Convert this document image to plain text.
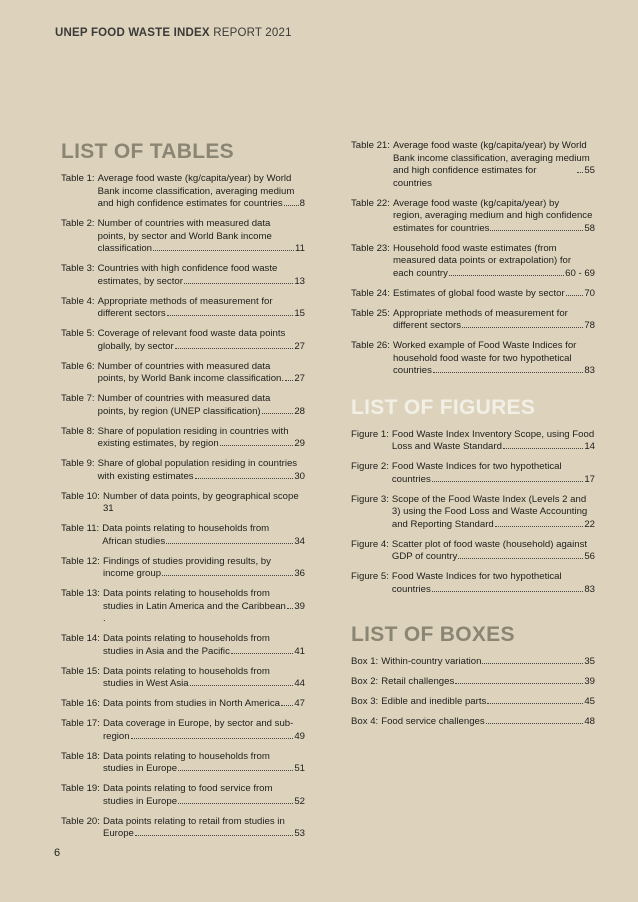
UNEP FOOD WASTE INDEX REPORT 2021
LIST OF TABLES
Table 1: Average food waste (kg/capita/year) by World
Bank income classification, averaging medium
and high confidence estimates for countries 8
Table 2: Number of countries with measured data
points, by sector and World Bank income
classification	11
Table 3: Countries with high confidence food waste
estimates, by sector	13
Table 4: Appropriate methods of measurement for
different sectors	15
Table 5: Coverage of relevant food waste data points
globally, by sector	27
Table 6: Number of countries with measured data
points, by World Bank income classification. 27
Table 7: Number of countries with measured data
points, by region (UNEP classification)	28
Table 8: Share of population residing in countries with
existing estimates, by region	29
Table 9: Share of global population residing in countries
with existing estimates	30
Table 10: Number of data points, by geographical scope
31
Table 11: Data points relating to households from
African studies	34
Table 12: Findings of studies providing results, by
income group	36
Table 13: Data points relating to households from
studies in Latin America and the Caribbean .
39
Table 14: Data points relating to households from
studies in Asia and the Pacific	41
Table 15: Data points relating to households from
studies in West Asia	44
Table 16: Data points from studies in North America 47
Table 17: Data coverage in Europe, by sector and sub-
region	49
Table 18: Data points relating to households from
studies in Europe	51
Table 19: Data points relating to food service from
studies in Europe	52
Table 20: Data points relating to retail from studies in
Europe	53
Table 21: Average food waste (kg/capita/year) by World
Bank income classification, averaging medium
and high confidence estimates for countries
55
Table 22: Average food waste (kg/capita/year) by
region, averaging medium and high confidence
estimates for countries	58
Table 23: Household food waste estimates (from
measured data points or extrapolation) for
each country	60 - 69
Table 24: Estimates of global food waste by sector 70
Table 25: Appropriate methods of measurement for
different sectors	78
Table 26: Worked example of Food Waste Indices for
household food waste for two hypothetical
countries	83
LIST OF FIGURES
Figure 1: Food Waste Index Inventory Scope, using Food
Loss and Waste Standard	14
Figure 2: Food Waste Indices for two hypothetical
countries	17
Figure 3: Scope of the Food Waste Index (Levels 2 and
3) using the Food Loss and Waste Accounting
and Reporting Standard	22
Figure 4: Scatter plot of food waste (household) against
GDP of country	56
Figure 5: Food Waste Indices for two hypothetical
countries	83
LIST OF BOXES
Box 1: Within-country variation	35
Box 2: Retail challenges	39
Box 3: Edible and inedible parts	45
Box 4: Food service challenges	48
6
